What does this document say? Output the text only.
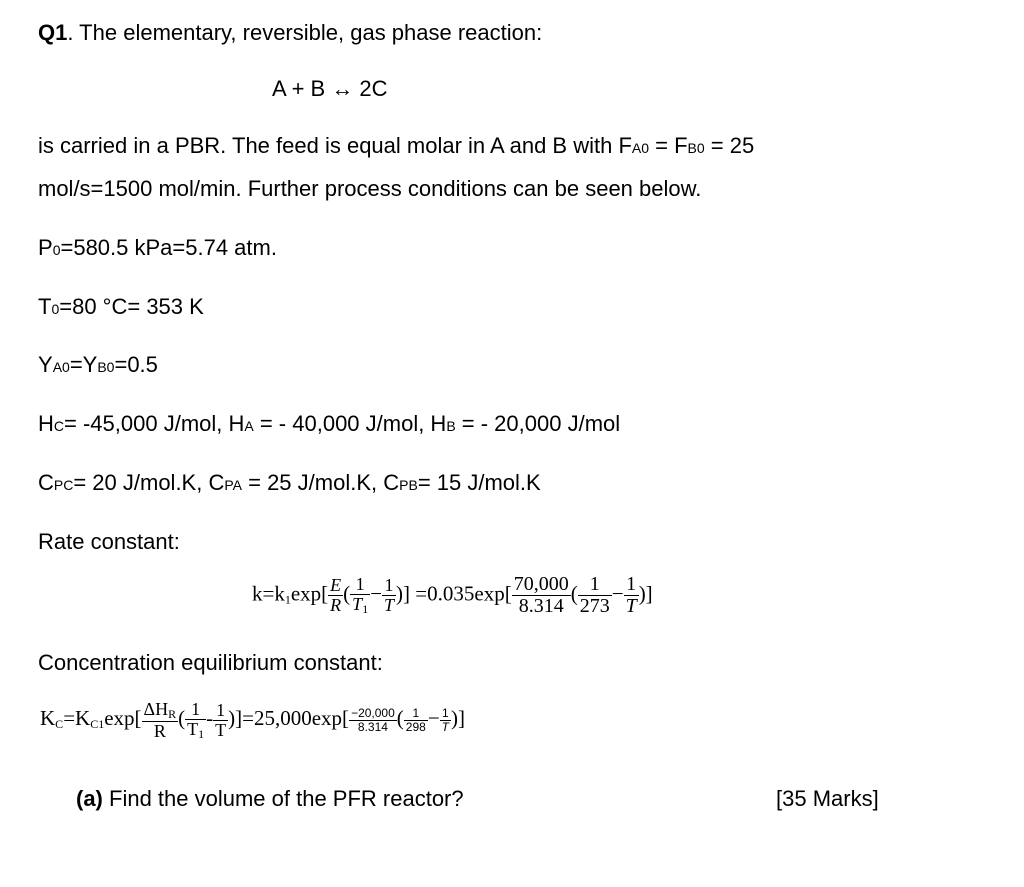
Q1. The elementary, reversible, gas phase reaction:
A + B ↔ 2C
is carried in a PBR. The feed is equal molar in A and B with FA0 = FB0 = 25
mol/s=1500 mol/min. Further process conditions can be seen below.
P0=580.5 kPa=5.74 atm.
T0=80 °C= 353 K
YA0=YB0=0.5
HC= -45,000 J/mol, HA = - 40,000 J/mol, HB = - 20,000 J/mol
CPC= 20 J/mol.K, CPA = 25 J/mol.K, CPB= 15 J/mol.K
Rate constant:
$k=k1\exp[ \frac{E}{R}$ ( $\frac{1}{T1} - \frac{1}{T}$ )] $=0.035\exp[ \frac{70,000}{8.314}$ ( $\frac{1}{273} - \frac{1}{T}$ )]
Concentration equilibrium constant:
$KC=KC1\exp[ \frac{\text{ΔHR}}{R}$ ( $\frac{1}{T1} - \frac{1}{T} )]=25,000\exp[ \frac{-20,000}{8.314}$ ( $\frac{1}{298} - \frac{1}{T}$ )]
(a) Find the volume of the PFR reactor?	[35 Marks]
